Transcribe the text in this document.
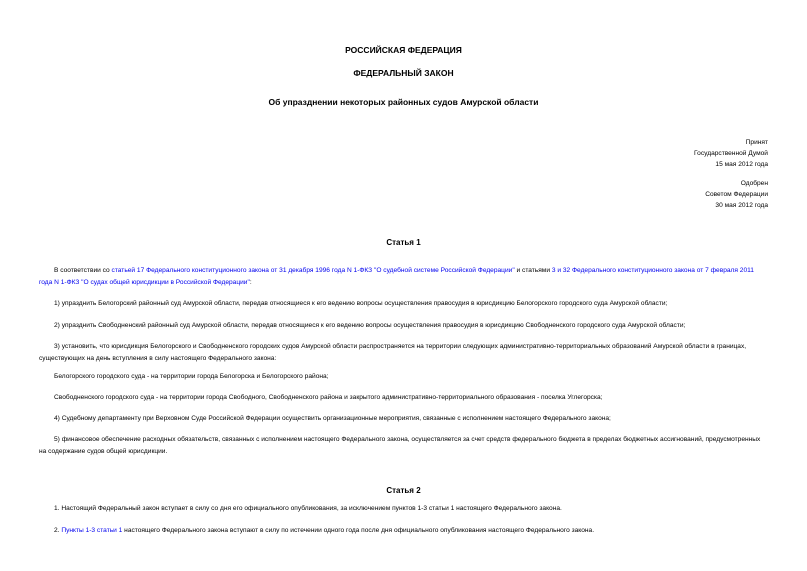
РОССИЙСКАЯ ФЕДЕРАЦИЯ
ФЕДЕРАЛЬНЫЙ ЗАКОН
Об упразднении некоторых районных судов Амурской области
Принят
Государственной Думой
15 мая 2012 года
Одобрен
Советом Федерации
30 мая 2012 года
Статья 1
В соответствии со статьей 17 Федерального конституционного закона от 31 декабря 1996 года N 1-ФКЗ "О судебной системе Российской Федерации" и статьями 3 и 32 Федерального конституционного закона от 7 февраля 2011 года N 1-ФКЗ "О судах общей юрисдикции в Российской Федерации":
1) упразднить Белогорский районный суд Амурской области, передав относящиеся к его ведению вопросы осуществления правосудия в юрисдикцию Белогорского городского суда Амурской области;
2) упразднить Свободненский районный суд Амурской области, передав относящиеся к его ведению вопросы осуществления правосудия в юрисдикцию Свободненского городского суда Амурской области;
3) установить, что юрисдикция Белогорского и Свободненского городских судов Амурской области распространяется на территории следующих административно-территориальных образований Амурской области в границах, существующих на день вступления в силу настоящего Федерального закона:
Белогорского городского суда - на территории города Белогорска и Белогорского района;
Свободненского городского суда - на территории города Свободного, Свободненского района и закрытого административно-территориального образования - поселка Углегорска;
4) Судебному департаменту при Верховном Суде Российской Федерации осуществить организационные мероприятия, связанные с исполнением настоящего Федерального закона;
5) финансовое обеспечение расходных обязательств, связанных с исполнением настоящего Федерального закона, осуществляется за счет средств федерального бюджета в пределах бюджетных ассигнований, предусмотренных на содержание судов общей юрисдикции.
Статья 2
1. Настоящий Федеральный закон вступает в силу со дня его официального опубликования, за исключением пунктов 1-3 статьи 1 настоящего Федерального закона.
2. Пункты 1-3 статьи 1 настоящего Федерального закона вступают в силу по истечении одного года после дня официального опубликования настоящего Федерального закона.
